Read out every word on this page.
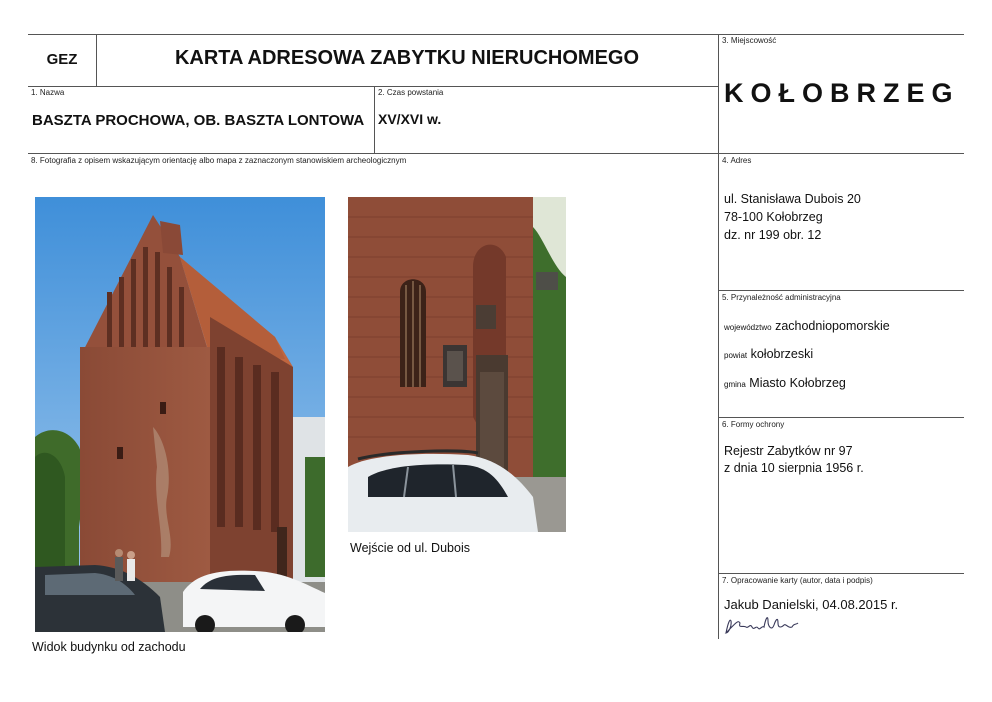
GEZ	KARTA ADRESOWA ZABYTKU NIERUCHOMEGO
1. Nazwa
BASZTA PROCHOWA, OB. BASZTA LONTOWA
2. Czas powstania
XV/XVI w.
3. Miejscowość
KOŁOBRZEG
8. Fotografia z opisem wskazującym orientację albo mapa z zaznaczonym stanowiskiem archeologicznym	4. Adres
ul. Stanisława Dubois 20
78-100 Kołobrzeg
dz. nr 199 obr. 12
5. Przynależność administracyjna
województwo zachodniopomorskie
powiat kołobrzeski
gmina Miasto Kołobrzeg
6. Formy ochrony
Rejestr Zabytków nr 97
z dnia 10 sierpnia 1956 r.
7. Opracowanie karty (autor, data i podpis)
Jakub Danielski, 04.08.2015 r.
Widok budynku od zachodu
Wejście od ul. Dubois
